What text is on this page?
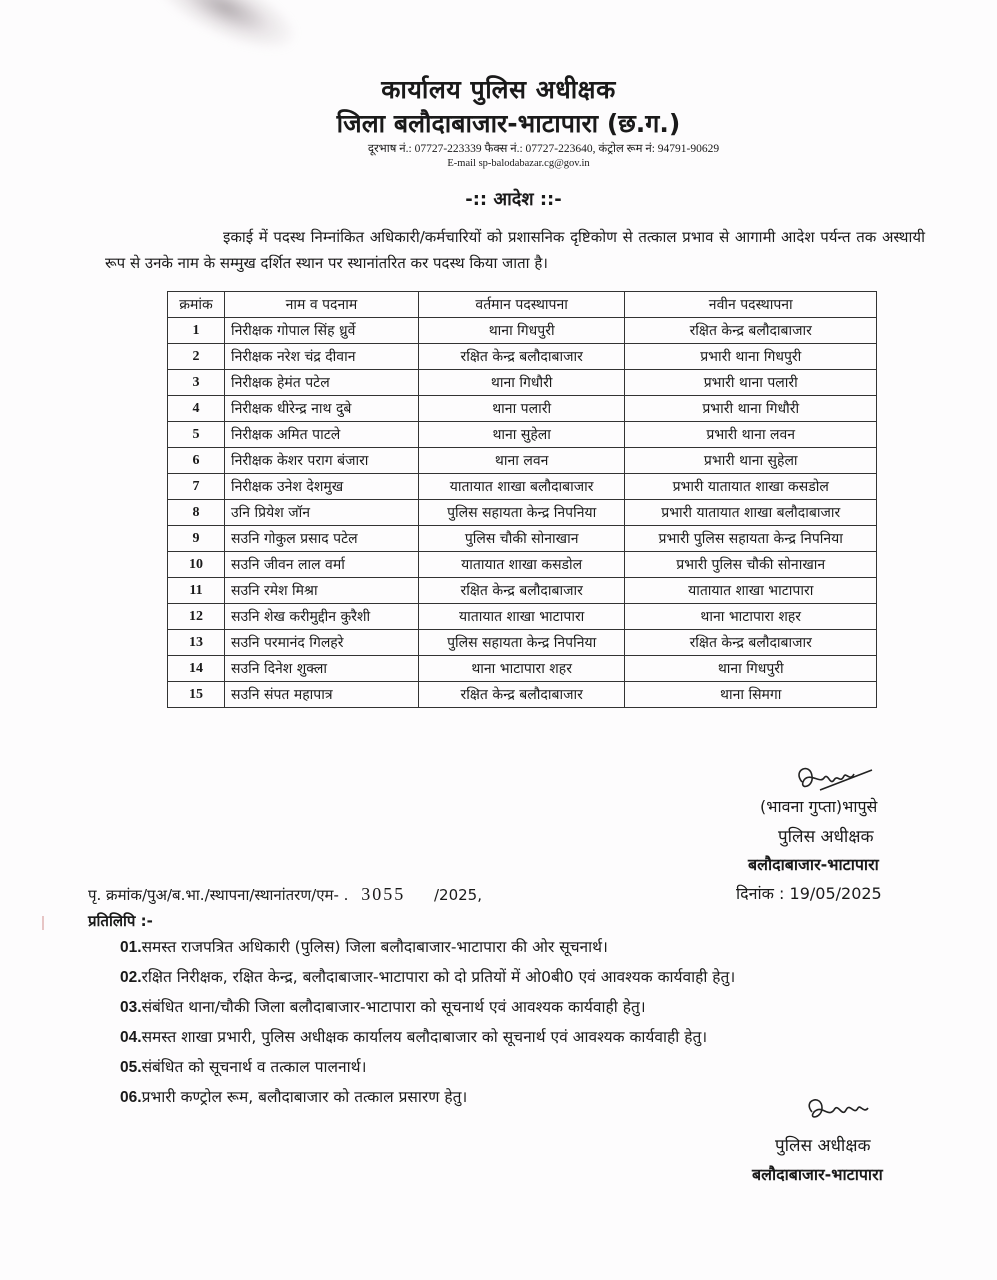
कार्यालय पुलिस अधीक्षक
जिला बलौदाबाजार-भाटापारा (छ.ग.)
दूरभाष नं.: 07727-223339 फैक्स नं.: 07727-223640, कंट्रोल रूम नं: 94791-90629
E-mail sp-balodabazar.cg@gov.in
-:: आदेश ::-
इकाई में पदस्थ निम्नांकित अधिकारी/कर्मचारियों को प्रशासनिक दृष्टिकोण से तत्काल प्रभाव से आगामी आदेश पर्यन्त तक अस्थायी रूप से उनके नाम के सम्मुख दर्शित स्थान पर स्थानांतरित कर पदस्थ किया जाता है।
क्रमांक	नाम व पदनाम	वर्तमान पदस्थापना	नवीन पदस्थापना
1	निरीक्षक गोपाल सिंह ध्रुर्वे	थाना गिधपुरी	रक्षित केन्द्र बलौदाबाजार
2	निरीक्षक नरेश चंद्र दीवान	रक्षित केन्द्र बलौदाबाजार	प्रभारी थाना गिधपुरी
3	निरीक्षक हेमंत पटेल	थाना गिधौरी	प्रभारी थाना पलारी
4	निरीक्षक धीरेन्द्र नाथ दुबे	थाना पलारी	प्रभारी थाना गिधौरी
5	निरीक्षक अमित पाटले	थाना सुहेला	प्रभारी थाना लवन
6	निरीक्षक केशर पराग बंजारा	थाना लवन	प्रभारी थाना सुहेला
7	निरीक्षक उनेश देशमुख	यातायात शाखा बलौदाबाजार	प्रभारी यातायात शाखा कसडोल
8	उनि प्रियेश जॉन	पुलिस सहायता केन्द्र निपनिया	प्रभारी यातायात शाखा बलौदाबाजार
9	सउनि गोकुल प्रसाद पटेल	पुलिस चौकी सोनाखान	प्रभारी पुलिस सहायता केन्द्र निपनिया
10	सउनि जीवन लाल वर्मा	यातायात शाखा कसडोल	प्रभारी पुलिस चौकी सोनाखान
11	सउनि रमेश मिश्रा	रक्षित केन्द्र बलौदाबाजार	यातायात शाखा भाटापारा
12	सउनि शेख करीमुद्दीन कुरैशी	यातायात शाखा भाटापारा	थाना भाटापारा शहर
13	सउनि परमानंद गिलहरे	पुलिस सहायता केन्द्र निपनिया	रक्षित केन्द्र बलौदाबाजार
14	सउनि दिनेश शुक्ला	थाना भाटापारा शहर	थाना गिधपुरी
15	सउनि संपत महापात्र	रक्षित केन्द्र बलौदाबाजार	थाना सिमगा
(भावना गुप्ता)भापुसे
पुलिस अधीक्षक
बलौदाबाजार-भाटापारा
पृ. क्रमांक/पुअ/ब.भा./स्थापना/स्थानांतरण/एम- . 3055 /2025,	दिनांक : 19/05/2025
प्रतिलिपि :-
01.समस्त राजपत्रित अधिकारी (पुलिस) जिला बलौदाबाजार-भाटापारा की ओर सूचनार्थ।
02.रक्षित निरीक्षक, रक्षित केन्द्र, बलौदाबाजार-भाटापारा को दो प्रतियों में ओ0बी0 एवं आवश्यक कार्यवाही हेतु।
03.संबंधित थाना/चौकी जिला बलौदाबाजार-भाटापारा को सूचनार्थ एवं आवश्यक कार्यवाही हेतु।
04.समस्त शाखा प्रभारी, पुलिस अधीक्षक कार्यालय बलौदाबाजार को सूचनार्थ एवं आवश्यक कार्यवाही हेतु।
05.संबंधित को सूचनार्थ व तत्काल पालनार्थ।
06.प्रभारी कण्ट्रोल रूम, बलौदाबाजार को तत्काल प्रसारण हेतु।
पुलिस अधीक्षक
बलौदाबाजार-भाटापारा
